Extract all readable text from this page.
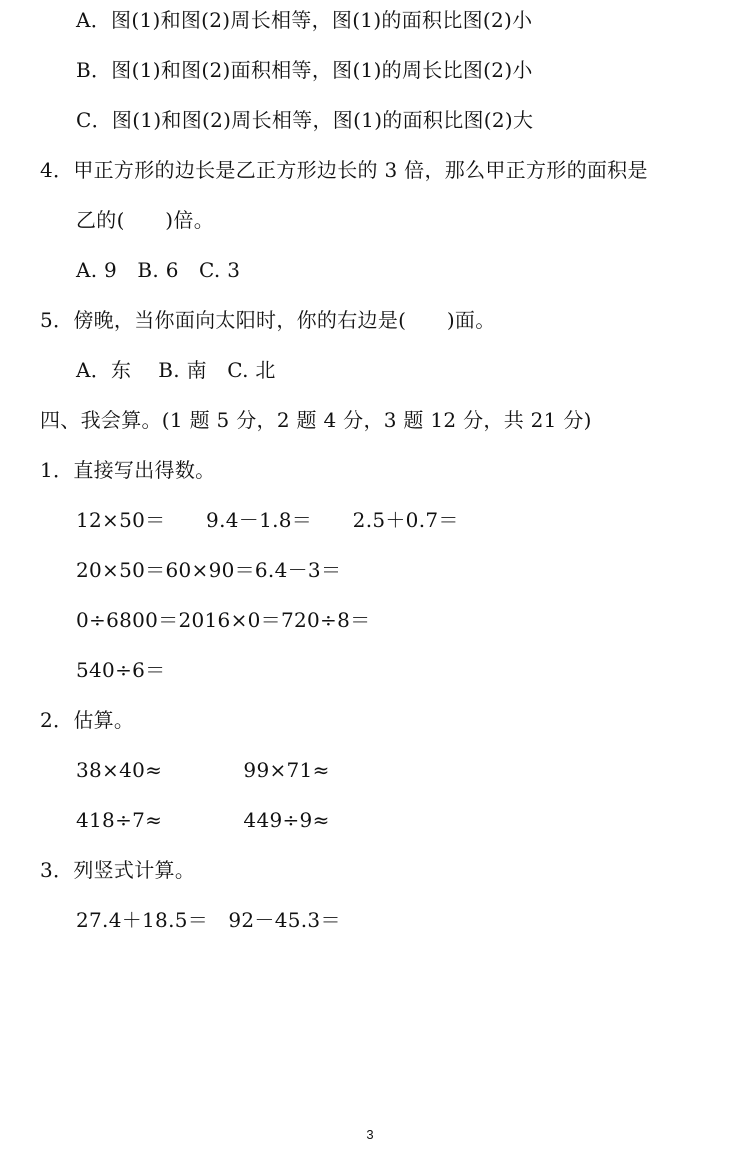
A．图(1)和图(2)周长相等，图(1)的面积比图(2)小
B．图(1)和图(2)面积相等，图(1)的周长比图(2)小
C．图(1)和图(2)周长相等，图(1)的面积比图(2)大
4．甲正方形的边长是乙正方形边长的 3 倍，那么甲正方形的面积是
乙的(　　)倍。
A. 9　B. 6　C. 3
5．傍晚，当你面向太阳时，你的右边是(　　)面。
A．东　 B. 南　C. 北
四、我会算。(1 题 5 分，2 题 4 分，3 题 12 分，共 21 分)
1．直接写出得数。
12×50＝　　9.4－1.8＝　　2.5＋0.7＝
20×50＝60×90＝6.4－3＝
0÷6800＝2016×0＝720÷8＝
540÷6＝
2．估算。
38×40≈　　　　99×71≈
418÷7≈　　　　449÷9≈
3．列竖式计算。
27.4＋18.5＝　92－45.3＝
3
